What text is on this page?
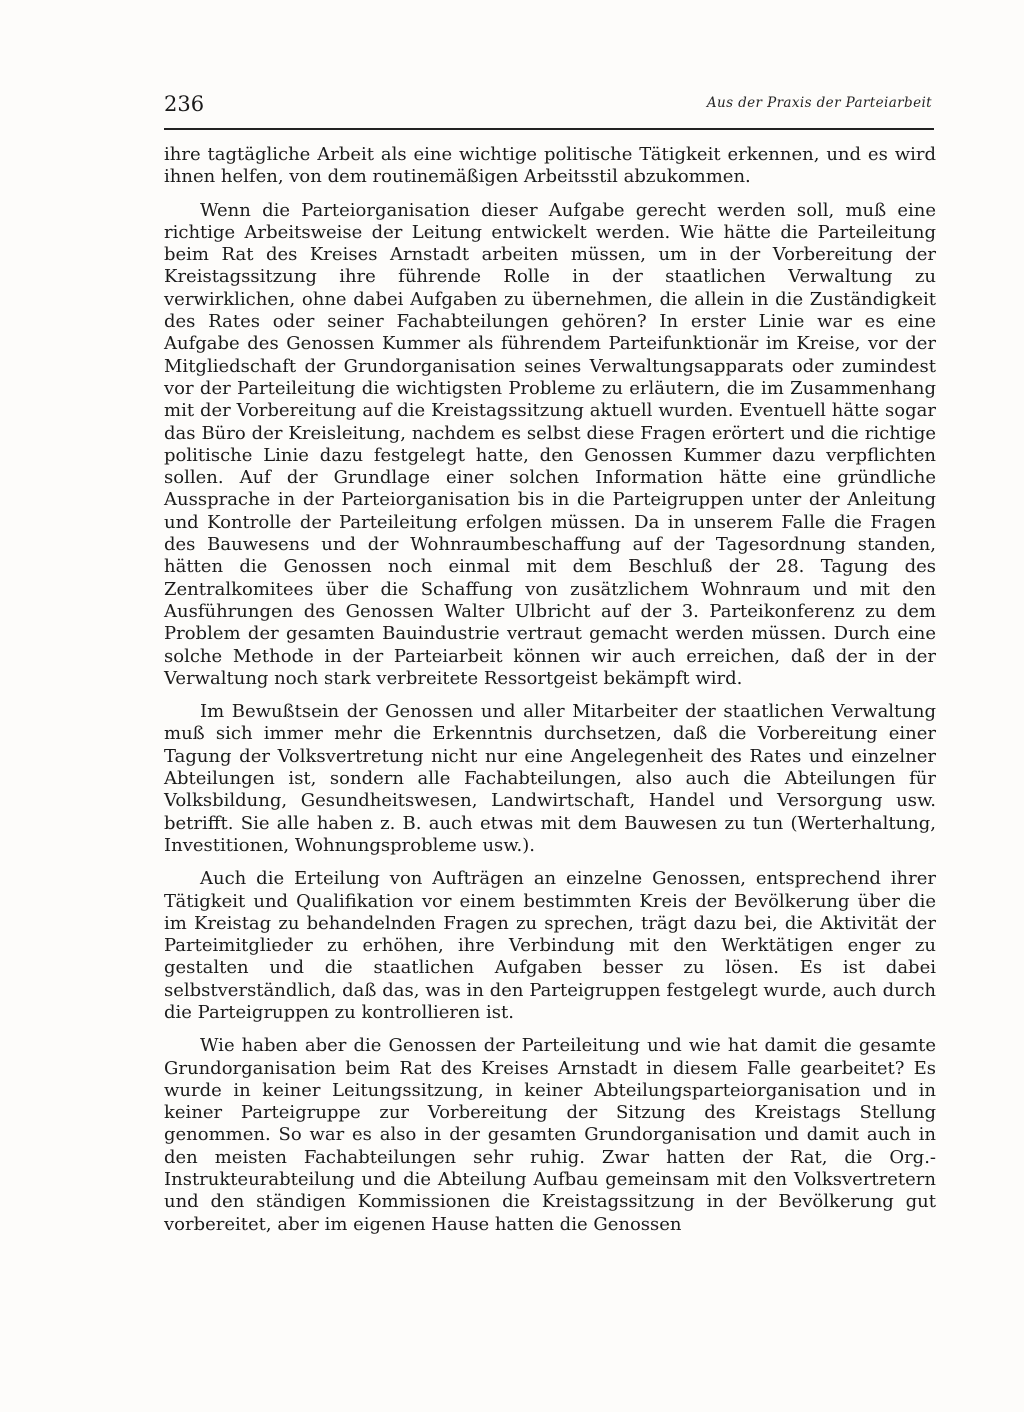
236	Aus der Praxis der Parteiarbeit

ihre tagtägliche Arbeit als eine wichtige politische Tätigkeit erkennen, und es wird ihnen helfen, von dem routinemäßigen Arbeitsstil abzukommen.

Wenn die Parteiorganisation dieser Aufgabe gerecht werden soll, muß eine richtige Arbeitsweise der Leitung entwickelt werden. Wie hätte die Parteileitung beim Rat des Kreises Arnstadt arbeiten müssen, um in der Vorbereitung der Kreistagssitzung ihre führende Rolle in der staatlichen Verwaltung zu verwirklichen, ohne dabei Aufgaben zu übernehmen, die allein in die Zuständigkeit des Rates oder seiner Fachabteilungen gehören? In erster Linie war es eine Aufgabe des Genossen Kummer als führendem Parteifunktionär im Kreise, vor der Mitgliedschaft der Grundorganisation seines Verwaltungsapparats oder zumindest vor der Parteileitung die wichtigsten Probleme zu erläutern, die im Zusammenhang mit der Vorbereitung auf die Kreistagssitzung aktuell wurden. Eventuell hätte sogar das Büro der Kreisleitung, nachdem es selbst diese Fragen erörtert und die richtige politische Linie dazu festgelegt hatte, den Genossen Kummer dazu verpflichten sollen. Auf der Grundlage einer solchen Information hätte eine gründliche Aussprache in der Parteiorganisation bis in die Parteigruppen unter der Anleitung und Kontrolle der Parteileitung erfolgen müssen. Da in unserem Falle die Fragen des Bauwesens und der Wohnraumbeschaffung auf der Tagesordnung standen, hätten die Genossen noch einmal mit dem Beschluß der 28. Tagung des Zentralkomitees über die Schaffung von zusätzlichem Wohnraum und mit den Ausführungen des Genossen Walter Ulbricht auf der 3. Parteikonferenz zu dem Problem der gesamten Bauindustrie vertraut gemacht werden müssen. Durch eine solche Methode in der Parteiarbeit können wir auch erreichen, daß der in der Verwaltung noch stark verbreitete Ressortgeist bekämpft wird.

Im Bewußtsein der Genossen und aller Mitarbeiter der staatlichen Verwaltung muß sich immer mehr die Erkenntnis durchsetzen, daß die Vorbereitung einer Tagung der Volksvertretung nicht nur eine Angelegenheit des Rates und einzelner Abteilungen ist, sondern alle Fachabteilungen, also auch die Abteilungen für Volksbildung, Gesundheitswesen, Landwirtschaft, Handel und Versorgung usw. betrifft. Sie alle haben z. B. auch etwas mit dem Bauwesen zu tun (Werterhaltung, Investitionen, Wohnungsprobleme usw.).

Auch die Erteilung von Aufträgen an einzelne Genossen, entsprechend ihrer Tätigkeit und Qualifikation vor einem bestimmten Kreis der Bevölkerung über die im Kreistag zu behandelnden Fragen zu sprechen, trägt dazu bei, die Aktivität der Parteimitglieder zu erhöhen, ihre Verbindung mit den Werktätigen enger zu gestalten und die staatlichen Aufgaben besser zu lösen. Es ist dabei selbstverständlich, daß das, was in den Parteigruppen festgelegt wurde, auch durch die Parteigruppen zu kontrollieren ist.

Wie haben aber die Genossen der Parteileitung und wie hat damit die gesamte Grundorganisation beim Rat des Kreises Arnstadt in diesem Falle gearbeitet? Es wurde in keiner Leitungssitzung, in keiner Abteilungsparteiorganisation und in keiner Parteigruppe zur Vorbereitung der Sitzung des Kreistags Stellung genommen. So war es also in der gesamten Grundorganisation und damit auch in den meisten Fachabteilungen sehr ruhig. Zwar hatten der Rat, die Org.-Instrukteurabteilung und die Abteilung Aufbau gemeinsam mit den Volksvertretern und den ständigen Kommissionen die Kreistagssitzung in der Bevölkerung gut vorbereitet, aber im eigenen Hause hatten die Genossen
